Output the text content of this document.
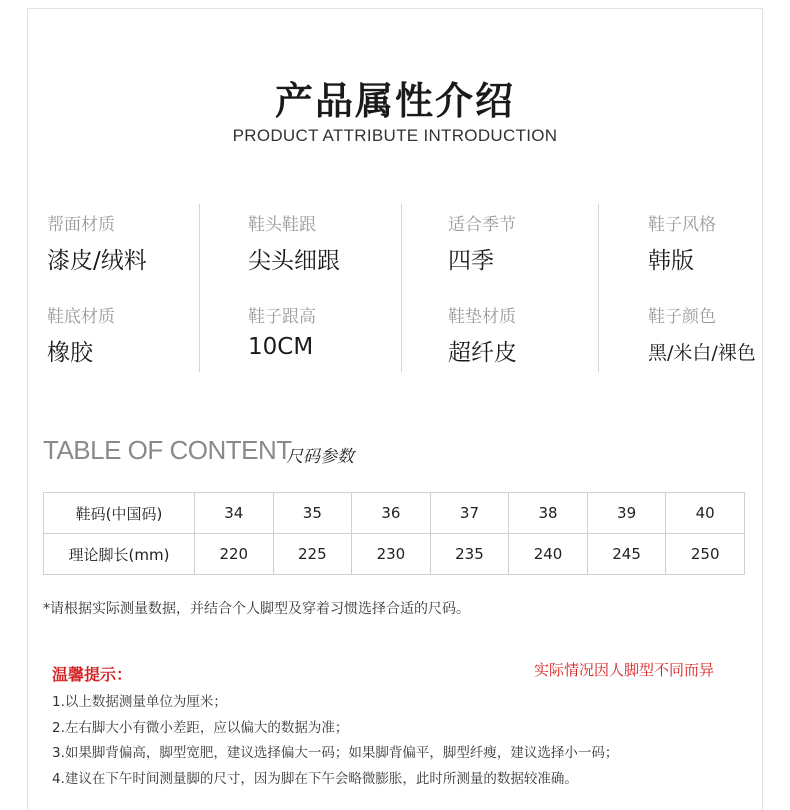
产品属性介绍
PRODUCT ATTRIBUTE INTRODUCTION
帮面材质
漆皮/绒料
鞋底材质
橡胶
鞋头鞋跟
尖头细跟
鞋子跟高
10CM
适合季节
四季
鞋垫材质
超纤皮
鞋子风格
韩版
鞋子颜色
黑/米白/裸色
TABLE OF CONTENT
尺码参数
鞋码(中国码)	34	35	36	37	38	39	40
理论脚长(mm)	220	225	230	235	240	245	250
*请根据实际测量数据，并结合个人脚型及穿着习惯选择合适的尺码。
温馨提示：	实际情况因人脚型不同而异
1.以上数据测量单位为厘米；
2.左右脚大小有微小差距，应以偏大的数据为准；
3.如果脚背偏高，脚型宽肥，建议选择偏大一码；如果脚背偏平，脚型纤瘦，建议选择小一码；
4.建议在下午时间测量脚的尺寸，因为脚在下午会略微膨胀，此时所测量的数据较准确。
